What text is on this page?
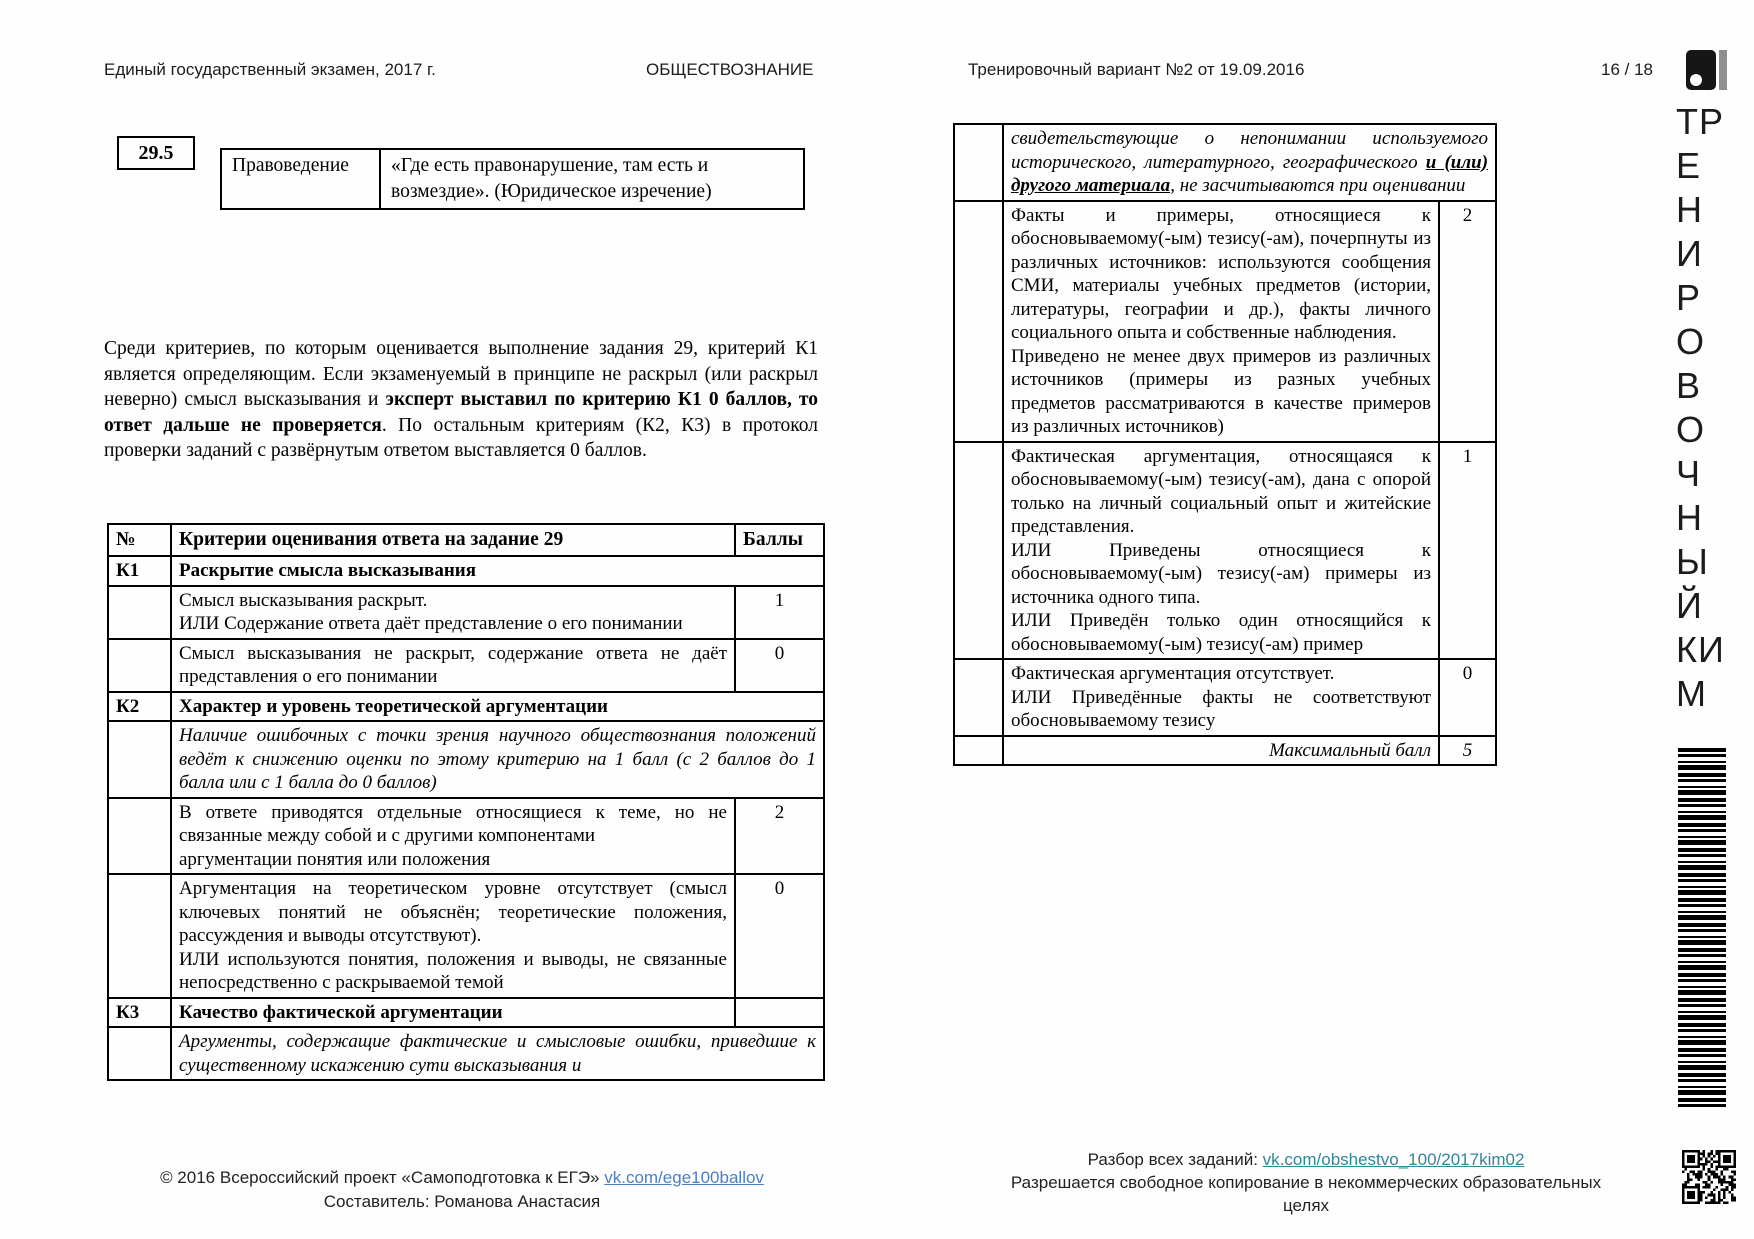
Единый государственный экзамен, 2017 г.	ОБЩЕСТВОЗНАНИЕ	Тренировочный вариант №2 от 19.09.2016	16 / 18
29.5
Правоведение	«Где есть правонарушение, там есть и возмездие». (Юридическое изречение)

Среди критериев, по которым оценивается выполнение задания 29, критерий К1 является определяющим. Если экзаменуемый в принципе не раскрыл (или раскрыл неверно) смысл высказывания и эксперт выставил по критерию К1 0 баллов, то ответ дальше не проверяется. По остальным критериям (К2, К3) в протокол проверки заданий с развёрнутым ответом выставляется 0 баллов.

№	Критерии оценивания ответа на задание 29	Баллы
К1	Раскрытие смысла высказывания	

	Смысл высказывания раскрыт.
ИЛИ Содержание ответа даёт представление о его понимании	1

	Смысл высказывания не раскрыт, содержание ответа не даёт представления о его понимании	0
К2	Характер и уровень теоретической аргументации	

	Наличие ошибочных с точки зрения научного обществознания положений ведёт к снижению оценки по этому критерию на 1 балл (с 2 баллов до 1 балла или с 1 балла до 0 баллов)	

	В ответе приводятся отдельные относящиеся к теме, но не связанные между собой и с другими компонентами
аргументации понятия или положения	2

	Аргументация на теоретическом уровне отсутствует (смысл ключевых понятий не объяснён; теоретические положения, рассуждения и выводы отсутствуют).
ИЛИ используются понятия, положения и выводы, не связанные непосредственно с раскрываемой темой	0
К3	Качество фактической аргументации	

	Аргументы, содержащие фактические и смысловые ошибки, приведшие к существенному искажению сути высказывания и	

	свидетельствующие о непонимании используемого исторического, литературного, географического и (или) другого материала, не засчитываются при оценивании	

	Факты и примеры, относящиеся к обосновываемому(-ым) тезису(-ам), почерпнуты из различных источников: используются сообщения СМИ, материалы учебных предметов (истории, литературы, географии и др.), факты личного социального опыта и собственные наблюдения.
Приведено не менее двух примеров из различных источников (примеры из разных учебных предметов рассматриваются в качестве примеров из различных источников)	2

	Фактическая аргументация, относящаяся к обосновываемому(-ым) тезису(-ам), дана с опорой только на личный социальный опыт и житейские представления.
ИЛИ Приведены относящиеся к обосновываемому(-ым) тезису(-ам) примеры из источника одного типа.
ИЛИ Приведён только один относящийся к обосновываемому(-ым) тезису(-ам) пример	1

	Фактическая аргументация отсутствует.
ИЛИ Приведённые факты не соответствуют обосновываемому тезису	0

	Максимальный балл	5
© 2016 Всероссийский проект «Самоподготовка к ЕГЭ» vk.com/ege100ballov
Составитель: Романова Анастасия
Разбор всех заданий: vk.com/obshestvo_100/2017kim02
Разрешается свободное копирование в некоммерческих образовательных целях
ТР
Е
Н
И
Р
О
В
О
Ч
Н
Ы
Й
КИ
М
